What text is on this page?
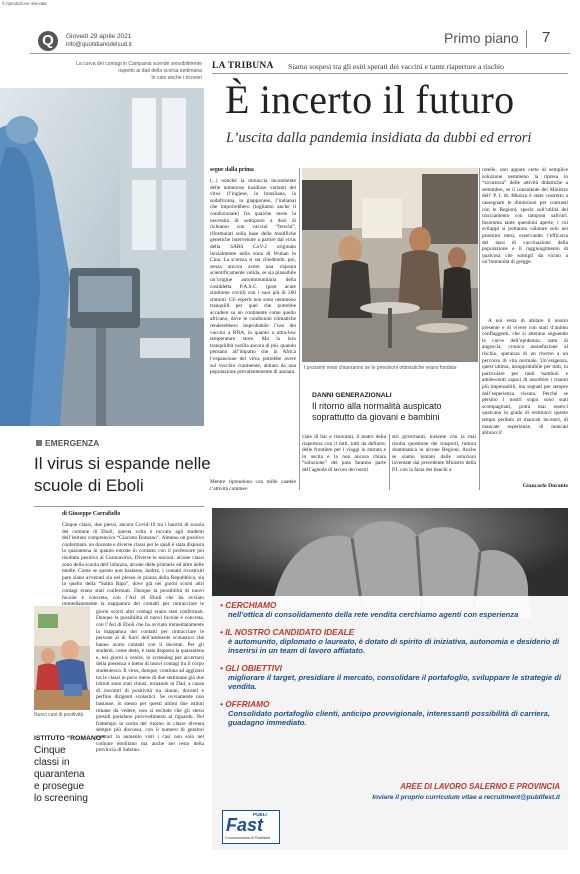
© riproduzione riservata
Q	Giovedì 29 aprile 2021
info@quotidianodelsud.it	Primo piano 7
La curva dei contagi in Campania scende sensibilmente
rispetto ai dati della scorsa settimana
In calo anche i ricoveri
LA TRIBUNA Siamo sospesi tra gli esiti sperati dei vaccini e tante riaperture a rischio
È incerto il futuro
L’uscita dalla pandemia insidiata da dubbi ed errori
segue dalla prima
(...) nonché la minaccia incombente delle numerose insidiose varianti del virus (l’inglese, la brasiliana, la sudafricana, la giapponese, l’indiana) che imporrebbero (togliamo anche il condizionale) fra qualche mese la necessità di sottoporsi a dosi di richiamo con vaccini “freschi”, riformulati sulla base delle modifiche genetiche intervenute a partire dal virus della SARS CoV-2 originato inizialmente nella zona di Wuhan in Cina. La scienza si sta chiedendo, poi, senza ancora avere una risposta scientificamente valida, se sia plausibile un’origine autoimmunitaria della cosiddetta P.A.S.C. (post acute sindrome covid) con i suoi più di 200 sintomi. Gli esperti non sono nemmeno tranquilli per quel che potrebbe accadere su un continente come quello africano, dove le condizioni climatiche renderebbero improbabile l’uso dei vaccini a RNA, in quanto a ultra-low temperature store. Ma la loro tranquillità vacilla ancora di più, quando pensano all’impatto che in Africa l’espansione del virus potrebbe avere sul vecchio continente, abitato da una popolazione prevalentemente di anziani.
Mentre riprendono con mille cautele l’attività commer-
I prossimi mesi chiariranno se le previsioni ottimistiche erano fondate
DANNI GENERAZIONALI
Il ritorno alla normalità auspicato soprattutto da giovani e bambini
ciale di bar e ristoranti, il teatro della riapertura con il tutti, tutti da definire, delle frontiere per i viaggi in entrata e in uscita e la non ancora chiara “soluzione” dei pass faranno parte dell’agenda di lavoro dei nostri
stri governanti, insieme con la mai risolta questione dei trasporti, tuttora drammatica in alcune Regioni. Anche se siamo lontani dalle soluzioni inventate dal precedente Ministro della P.I. con la farsa dei banchi a
rotelle, non appare certo di semplice soluzione nemmeno la ripresa in “sicurezza” delle attività didattiche a settembre, se il consulente del Ministro dell’ P. I. dr. Miozzo è stato costretto a rassegnare le dimissioni per contrasti con le Regioni, specie sull’utilità del tracciamento con tamponi salivari. Insomma tante questioni aperte, i cui sviluppi si potranno valutare solo nei prossimi mesi, osservando l’efficacia dei tassi di vaccinazione della popolazione e il raggiungimento di qualcosa che somigli da vicino a un’immunità di gregge.
A noi resta di abitare il nostro presente e di vivere con stati d’animo conflaggenti, che si alterano seguendo le curve dell’epidemia: stato di angoscia, cronica assuefazione al rischio, speranza di un ritorno a un percorso di vita normale. Un’esigenza, quest’ultima, insopprimibile per tutti, in particolare per tanti bambini e adolescenti capaci di assorbire i traumi più impensabili, ma segnati per sempre dall’esperienza vissuta. Perché se persino i nostri sogni sono stati scompaginati, potrà mai esserci qualcuno in grado di restituirci questo tempo perduto di mancati incontri, di mancate esperienze, di mancati abbracci?
Giancarlo Durante
EMERGENZA
Il virus si espande nelle scuole di Eboli
di Giuseppe Carrafiello
Cinque classi, due plessi, ancora Covid-19 tra i banchi di scuola del comune di Eboli, questa volta è toccato agli studenti dell’istituto comprensivo “Giacinto Romano”. Almeno un positivo confermato, un docente e diverse classi per le quali è stata disposta la quarantena in quanto entrate in contatto con il professore poi risultato positivo al Coronavirus. Diverse le sezioni: alcune classi sono della scuola dell’infanzia, alcune delle primarie ed altre delle medie. Come se questo non bastasse, inoltre, i contatti ricostruiti pare siano avvenuti sia nel plesso in piazza della Repubblica, sia in quello della “Salita Ripa”, dove già nei giorni scorsi altri contagi erano stati confermati. Dunque la possibilità di nuovi focolai è concreta, con l’Asl di Eboli che ha avviato immediatamente la mappatura dei contatti per rintracciare le
Nuovi casi di positività
ISTITUTO “ROMANO”
Cinque classi in quarantena e prosegue lo screening
giorni scorsi altri contagi erano stati confermati. Dunque la possibilità di nuovi focolai è concreta, con l’Asl di Eboli che ha avviato immediatamente la mappatura dei contatti per rintracciare le persone al di fuori dell’ambiente scolastico che hanno avuto contatti con il docente. Per gli studenti, come detto, è stata disposta la quarantena e, nei giorni a venire, lo screening per accertarsi della presenza o meno di nuovi contagi tra il corpo studentesco. Il virus, dunque, continua ad aggirarsi tra le classi in poco meno di due settimane già due istituti sono stati chiusi, tornando in Dad, a causa di riscontri di positività tra alunni, docenti e perfino dirigenti scolastici. Se ovviamente non bastasse, lo stesso per questi ultimi due istituti rimane da vedere, non si esclude che gli stessi presidi prendano provvedimenti al riguardo. Nel frattempo la scelta del ritorno in classe diventa sempre più discussa, con il numero di genitori contrari in aumento visti i casi non solo nel comune ebolitano ma anche nel resto della provincia di Salerno.
• CERCHIAMO
nell’ottica di consolidamento della rete vendita cerchiamo agenti con esperienza
• IL NOSTRO CANDIDATO IDEALE
è automunito, diplomato o laureato, è dotato di spirito di iniziativa, autonomia e desiderio di inserirsi in un team di lavoro affiatato.
• GLI OBIETTIVI
migliorare il target, presidiare il mercato, consolidare il portafoglio, sviluppare le strategie di vendita.
• OFFRIAMO
Consolidato portafoglio clienti, anticipo provvigionale, interessanti possibilità di carriera, guadagno immediato.
AREE DI LAVORO SALERNO E PROVINCIA
Inviare il proprio curriculum vitae a recruitment@publifest.it
PUBLI
Fast
Concessionaria di Pubblicità
